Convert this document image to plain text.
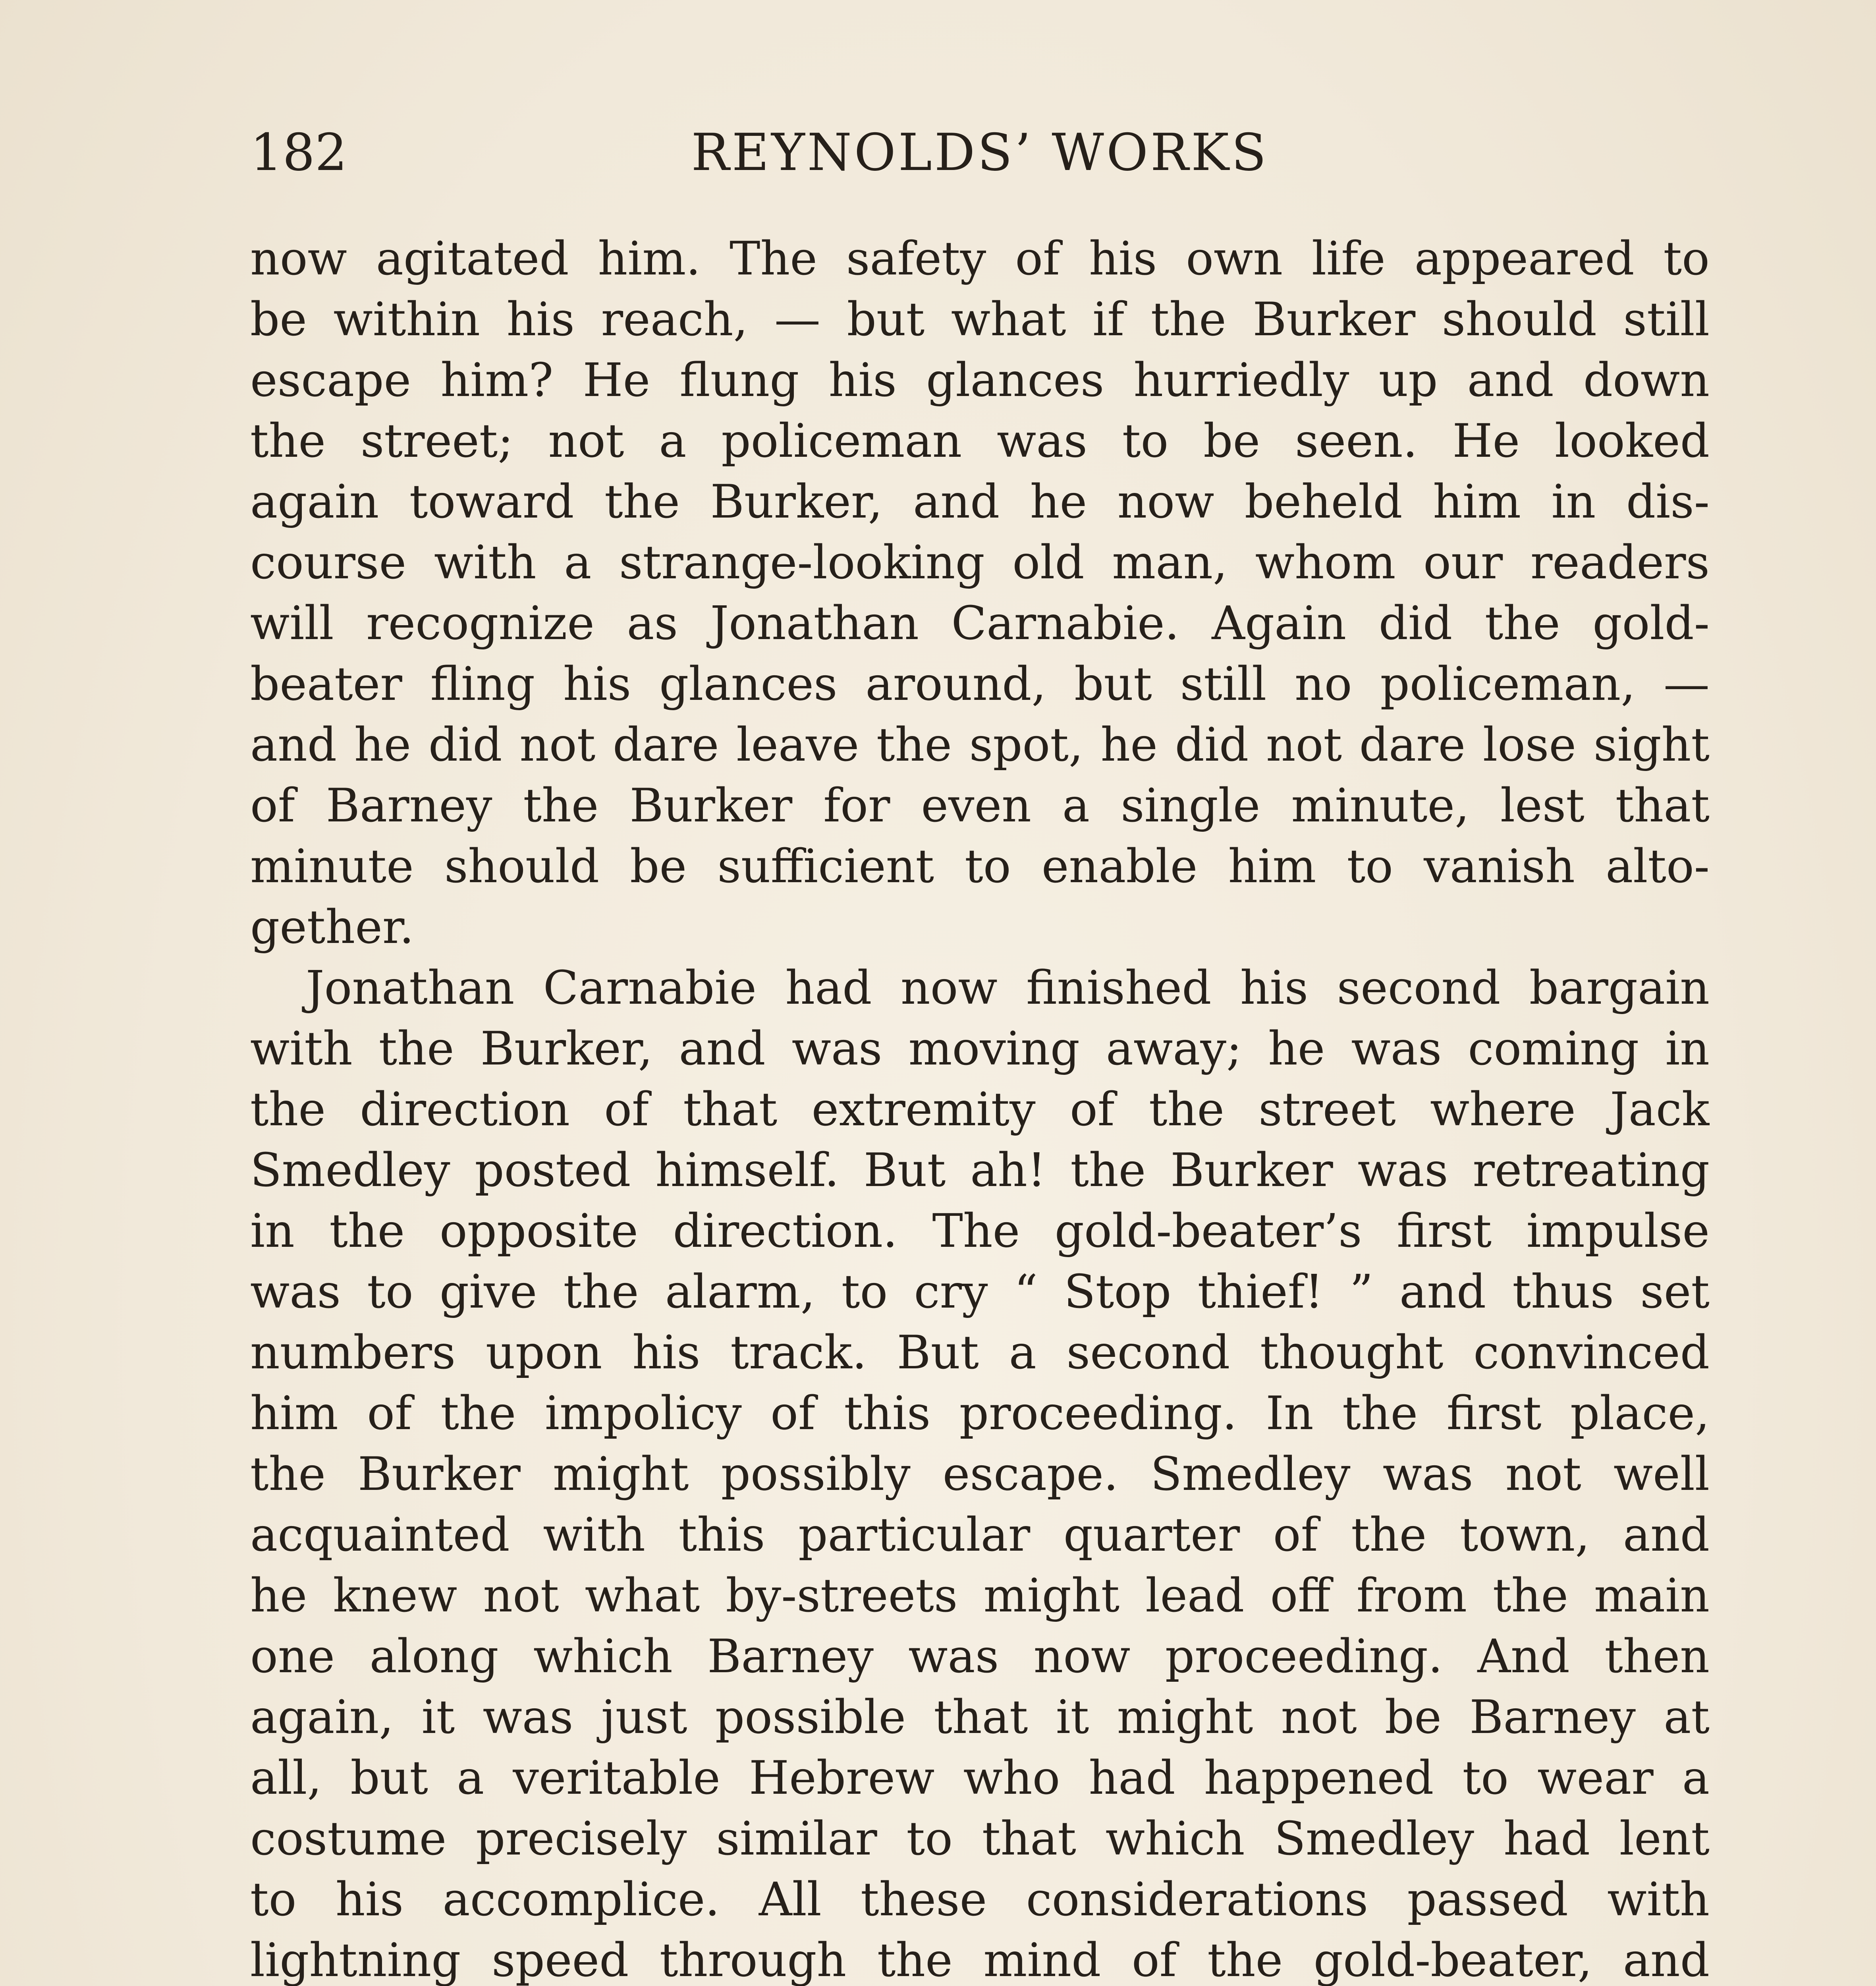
182	REYNOLDS’ WORKS
now agitated him. The safety of his own life appeared to
be within his reach, — but what if the Burker should still
escape him? He flung his glances hurriedly up and down
the street; not a policeman was to be seen. He looked
again toward the Burker, and he now beheld him in dis-
course with a strange-looking old man, whom our readers
will recognize as Jonathan Carnabie. Again did the gold-
beater fling his glances around, but still no policeman, —
and he did not dare leave the spot, he did not dare lose sight
of Barney the Burker for even a single minute, lest that
minute should be sufficient to enable him to vanish alto-
gether.
Jonathan Carnabie had now finished his second bargain
with the Burker, and was moving away; he was coming in
the direction of that extremity of the street where Jack
Smedley posted himself. But ah! the Burker was retreating
in the opposite direction. The gold-beater’s first impulse
was to give the alarm, to cry “ Stop thief! ” and thus set
numbers upon his track. But a second thought convinced
him of the impolicy of this proceeding. In the first place,
the Burker might possibly escape. Smedley was not well
acquainted with this particular quarter of the town, and
he knew not what by-streets might lead off from the main
one along which Barney was now proceeding. And then
again, it was just possible that it might not be Barney at
all, but a veritable Hebrew who had happened to wear a
costume precisely similar to that which Smedley had lent
to his accomplice. All these considerations passed with
lightning speed through the mind of the gold-beater, and
